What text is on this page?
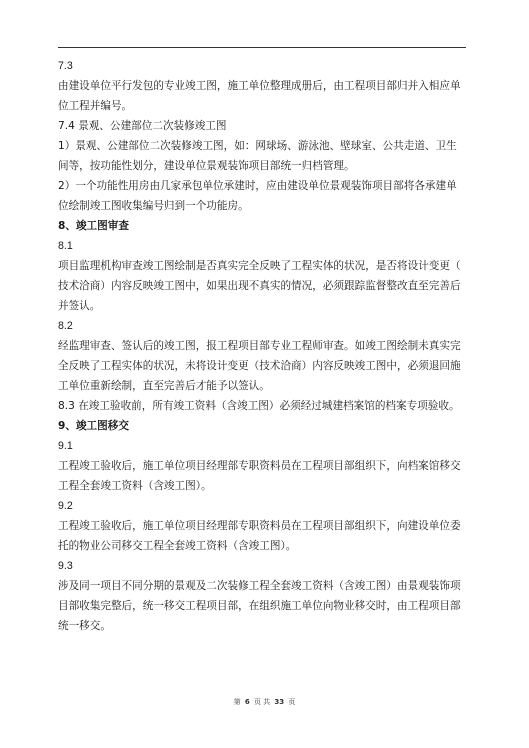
7.3
由建设单位平行发包的专业竣工图，施工单位整理成册后，由工程项目部归并入相应单
位工程并编号。
7.4 景观、公建部位二次装修竣工图
1）景观、公建部位二次装修竣工图，如：网球场、游泳池、壁球室、公共走道、卫生
间等，按功能性划分，建设单位景观装饰项目部统一归档管理。
2）一个功能性用房由几家承包单位承建时，应由建设单位景观装饰项目部将各承建单
位绘制竣工图收集编号归到一个功能房。
8、竣工图审查
8.1
项目监理机构审查竣工图绘制是否真实完全反映了工程实体的状况，是否将设计变更（
技术洽商）内容反映竣工图中，如果出现不真实的情况，必须跟踪监督整改直至完善后
并签认。
8.2
经监理审查、签认后的竣工图，报工程项目部专业工程师审查。如竣工图绘制未真实完
全反映了工程实体的状况，未将设计变更（技术洽商）内容反映竣工图中，必须退回施
工单位重新绘制，直至完善后才能予以签认。
8.3 在竣工验收前，所有竣工资料（含竣工图）必须经过城建档案馆的档案专项验收。
9、竣工图移交
9.1
工程竣工验收后，施工单位项目经理部专职资料员在工程项目部组织下，向档案馆移交
工程全套竣工资料（含竣工图）。
9.2
工程竣工验收后，施工单位项目经理部专职资料员在工程项目部组织下，向建设单位委
托的物业公司移交工程全套竣工资料（含竣工图）。
9.3
涉及同一项目不同分期的景观及二次装修工程全套竣工资料（含竣工图）由景观装饰项
目部收集完整后，统一移交工程项目部，在组织施工单位向物业移交时，由工程项目部
统一移交。
第 6 页 共 33 页
